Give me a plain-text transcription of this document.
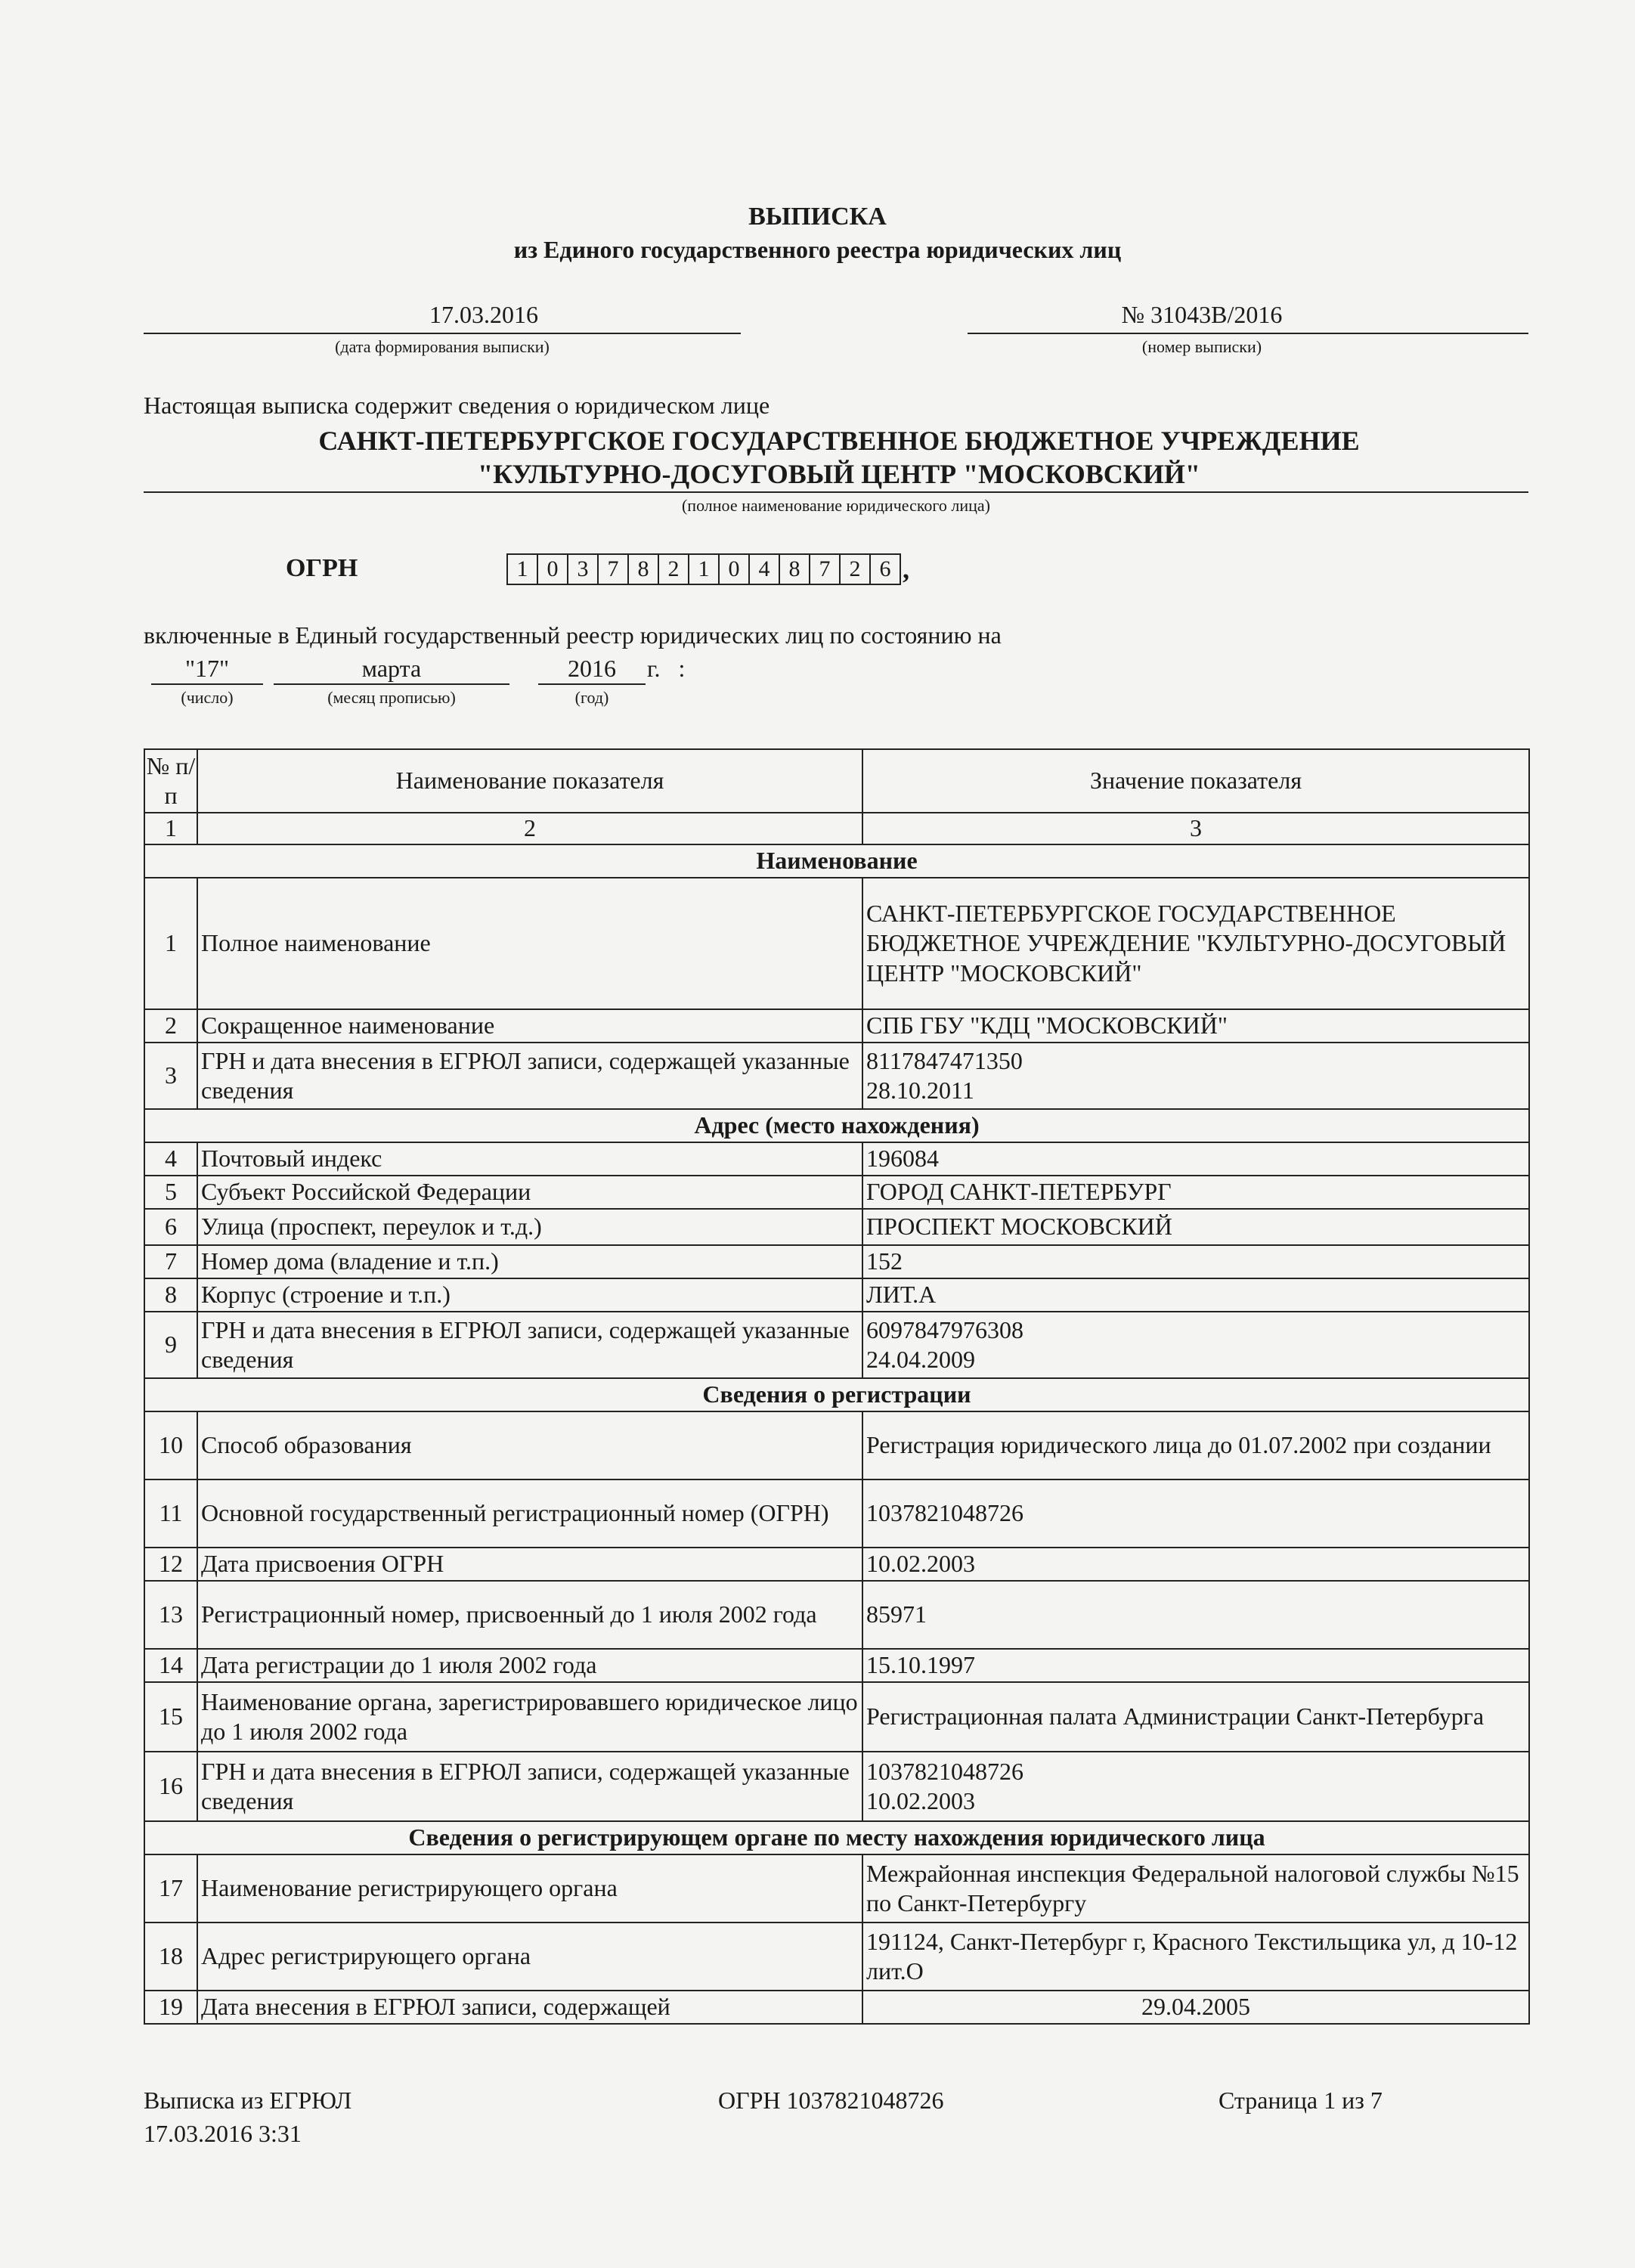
ВЫПИСКА
из Единого государственного реестра юридических лиц
17.03.2016
(дата формирования выписки)
№ 31043В/2016
(номер выписки)
Настоящая выписка содержит сведения о юридическом лице
САНКТ-ПЕТЕРБУРГСКОЕ ГОСУДАРСТВЕННОЕ БЮДЖЕТНОЕ УЧРЕЖДЕНИЕ
"КУЛЬТУРНО-ДОСУГОВЫЙ ЦЕНТР "МОСКОВСКИЙ"
(полное наименование юридического лица)
ОГРН	1 0 3 7 8 2 1 0 4 8 7 2 6 ,
включенные в Единый государственный реестр юридических лиц по состоянию на
"17"
(число)
марта
(месяц прописью)
2016
(год)
г.   :
№ п/п	Наименование показателя	Значение показателя
1	2	3
Наименование		
1	Полное наименование	САНКТ-ПЕТЕРБУРГСКОЕ ГОСУДАРСТВЕННОЕ БЮДЖЕТНОЕ УЧРЕЖДЕНИЕ "КУЛЬТУРНО-ДОСУГОВЫЙ ЦЕНТР "МОСКОВСКИЙ"
2	Сокращенное наименование	СПБ ГБУ "КДЦ "МОСКОВСКИЙ"
3	ГРН и дата внесения в ЕГРЮЛ записи, содержащей указанные сведения	8117847471350
28.10.2011
Адрес (место нахождения)		
4	Почтовый индекс	196084
5	Субъект Российской Федерации	ГОРОД САНКТ-ПЕТЕРБУРГ
6	Улица (проспект, переулок и т.д.)	ПРОСПЕКТ МОСКОВСКИЙ
7	Номер дома (владение и т.п.)	152
8	Корпус (строение и т.п.)	ЛИТ.А
9	ГРН и дата внесения в ЕГРЮЛ записи, содержащей указанные сведения	6097847976308
24.04.2009
Сведения о регистрации		
10	Способ образования	Регистрация юридического лица до 01.07.2002 при создании
11	Основной государственный регистрационный номер (ОГРН)	1037821048726
12	Дата присвоения ОГРН	10.02.2003
13	Регистрационный номер, присвоенный до 1 июля 2002 года	85971
14	Дата регистрации до 1 июля 2002 года	15.10.1997
15	Наименование органа, зарегистрировавшего юридическое лицо до 1 июля 2002 года	Регистрационная палата Администрации Санкт-Петербурга
16	ГРН и дата внесения в ЕГРЮЛ записи, содержащей указанные сведения	1037821048726
10.02.2003
Сведения о регистрирующем органе по месту нахождения юридического лица		
17	Наименование регистрирующего органа	Межрайонная инспекция Федеральной налоговой службы №15 по Санкт-Петербургу
18	Адрес регистрирующего органа	191124, Санкт-Петербург г, Красного Текстильщика ул, д 10-12 лит.О
19	Дата внесения в ЕГРЮЛ записи, содержащей	29.04.2005
Выписка из ЕГРЮЛ
17.03.2016 3:31
ОГРН 1037821048726	Страница 1 из 7
